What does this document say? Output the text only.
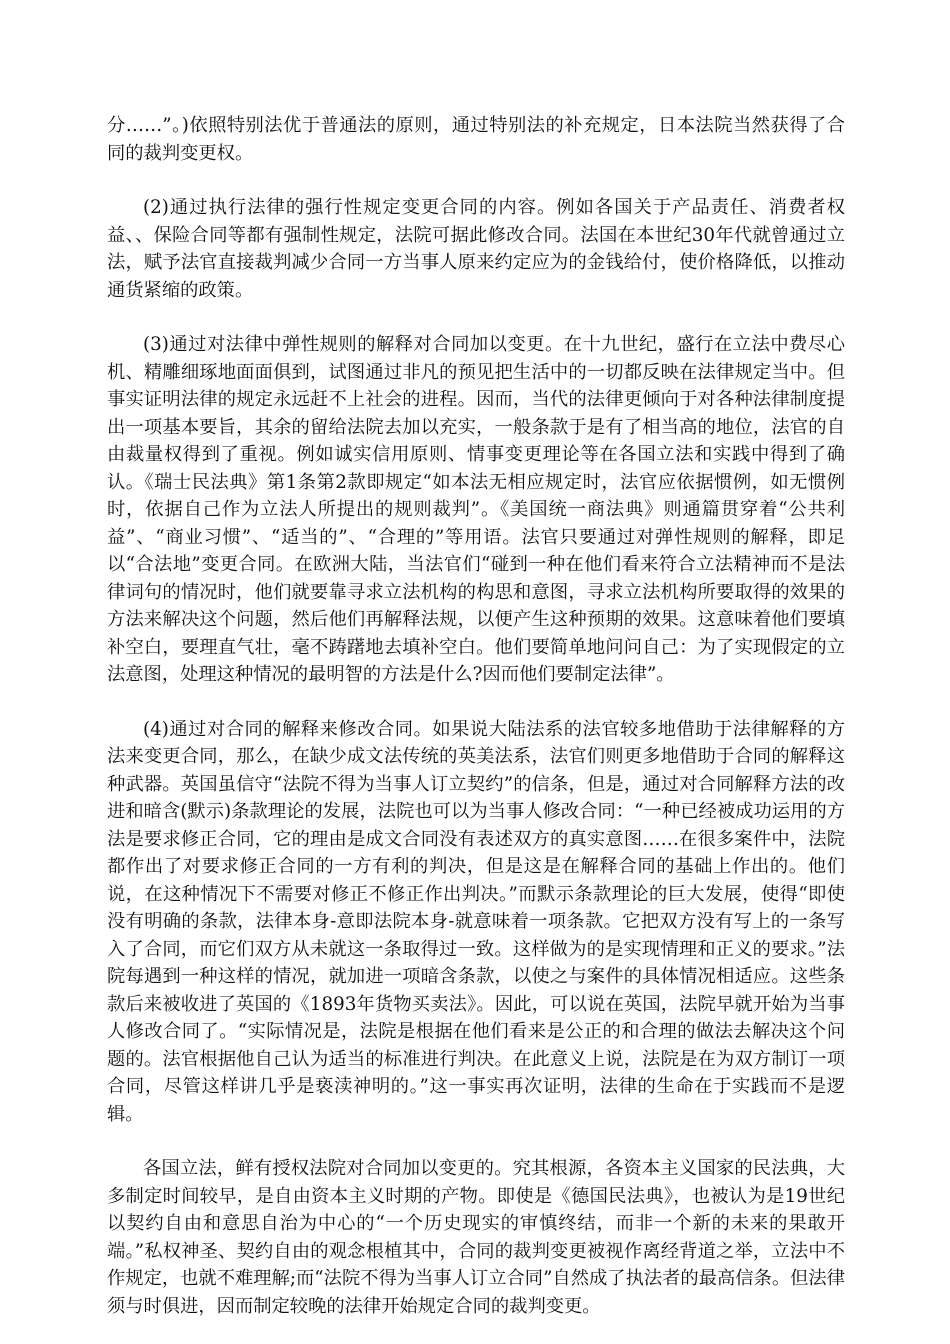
分……”。)依照特别法优于普通法的原则，通过特别法的补充规定，日本法院当然获得了合同的裁判变更权。

(2)通过执行法律的强行性规定变更合同的内容。例如各国关于产品责任、消费者权益、、保险合同等都有强制性规定，法院可据此修改合同。法国在本世纪30年代就曾通过立法，赋予法官直接裁判减少合同一方当事人原来约定应为的金钱给付，使价格降低，以推动通货紧缩的政策。

(3)通过对法律中弹性规则的解释对合同加以变更。在十九世纪，盛行在立法中费尽心机、精雕细琢地面面俱到，试图通过非凡的预见把生活中的一切都反映在法律规定当中。但事实证明法律的规定永远赶不上社会的进程。因而，当代的法律更倾向于对各种法律制度提出一项基本要旨，其余的留给法院去加以充实，一般条款于是有了相当高的地位，法官的自由裁量权得到了重视。例如诚实信用原则、情事变更理论等在各国立法和实践中得到了确认。《瑞士民法典》第1条第2款即规定“如本法无相应规定时，法官应依据惯例，如无惯例时，依据自己作为立法人所提出的规则裁判”。《美国统一商法典》则通篇贯穿着“公共利益”、“商业习惯”、“适当的”、“合理的”等用语。法官只要通过对弹性规则的解释，即足以“合法地”变更合同。在欧洲大陆，当法官们“碰到一种在他们看来符合立法精神而不是法律词句的情况时，他们就要靠寻求立法机构的构思和意图，寻求立法机构所要取得的效果的方法来解决这个问题，然后他们再解释法规，以便产生这种预期的效果。这意味着他们要填补空白，要理直气壮，毫不踌躇地去填补空白。他们要简单地问问自己：为了实现假定的立法意图，处理这种情况的最明智的方法是什么?因而他们要制定法律”。

(4)通过对合同的解释来修改合同。如果说大陆法系的法官较多地借助于法律解释的方法来变更合同，那么，在缺少成文法传统的英美法系，法官们则更多地借助于合同的解释这种武器。英国虽信守“法院不得为当事人订立契约”的信条，但是，通过对合同解释方法的改进和暗含(默示)条款理论的发展，法院也可以为当事人修改合同：“一种已经被成功运用的方法是要求修正合同，它的理由是成文合同没有表述双方的真实意图……在很多案件中，法院都作出了对要求修正合同的一方有利的判决，但是这是在解释合同的基础上作出的。他们说，在这种情况下不需要对修正不修正作出判决。”而默示条款理论的巨大发展，使得“即使没有明确的条款，法律本身-意即法院本身-就意味着一项条款。它把双方没有写上的一条写入了合同，而它们双方从未就这一条取得过一致。这样做为的是实现情理和正义的要求。”法院每遇到一种这样的情况，就加进一项暗含条款，以使之与案件的具体情况相适应。这些条款后来被收进了英国的《1893年货物买卖法》。因此，可以说在英国，法院早就开始为当事人修改合同了。“实际情况是，法院是根据在他们看来是公正的和合理的做法去解决这个问题的。法官根据他自己认为适当的标准进行判决。在此意义上说，法院是在为双方制订一项合同，尽管这样讲几乎是亵渎神明的。”这一事实再次证明，法律的生命在于实践而不是逻辑。

各国立法，鲜有授权法院对合同加以变更的。究其根源，各资本主义国家的民法典，大多制定时间较早，是自由资本主义时期的产物。即使是《德国民法典》，也被认为是19世纪以契约自由和意思自治为中心的“一个历史现实的审慎终结，而非一个新的未来的果敢开端。”私权神圣、契约自由的观念根植其中，合同的裁判变更被视作离经背道之举，立法中不作规定，也就不难理解;而“法院不得为当事人订立合同”自然成了执法者的最高信条。但法律须与时俱进，因而制定较晚的法律开始规定合同的裁判变更。
